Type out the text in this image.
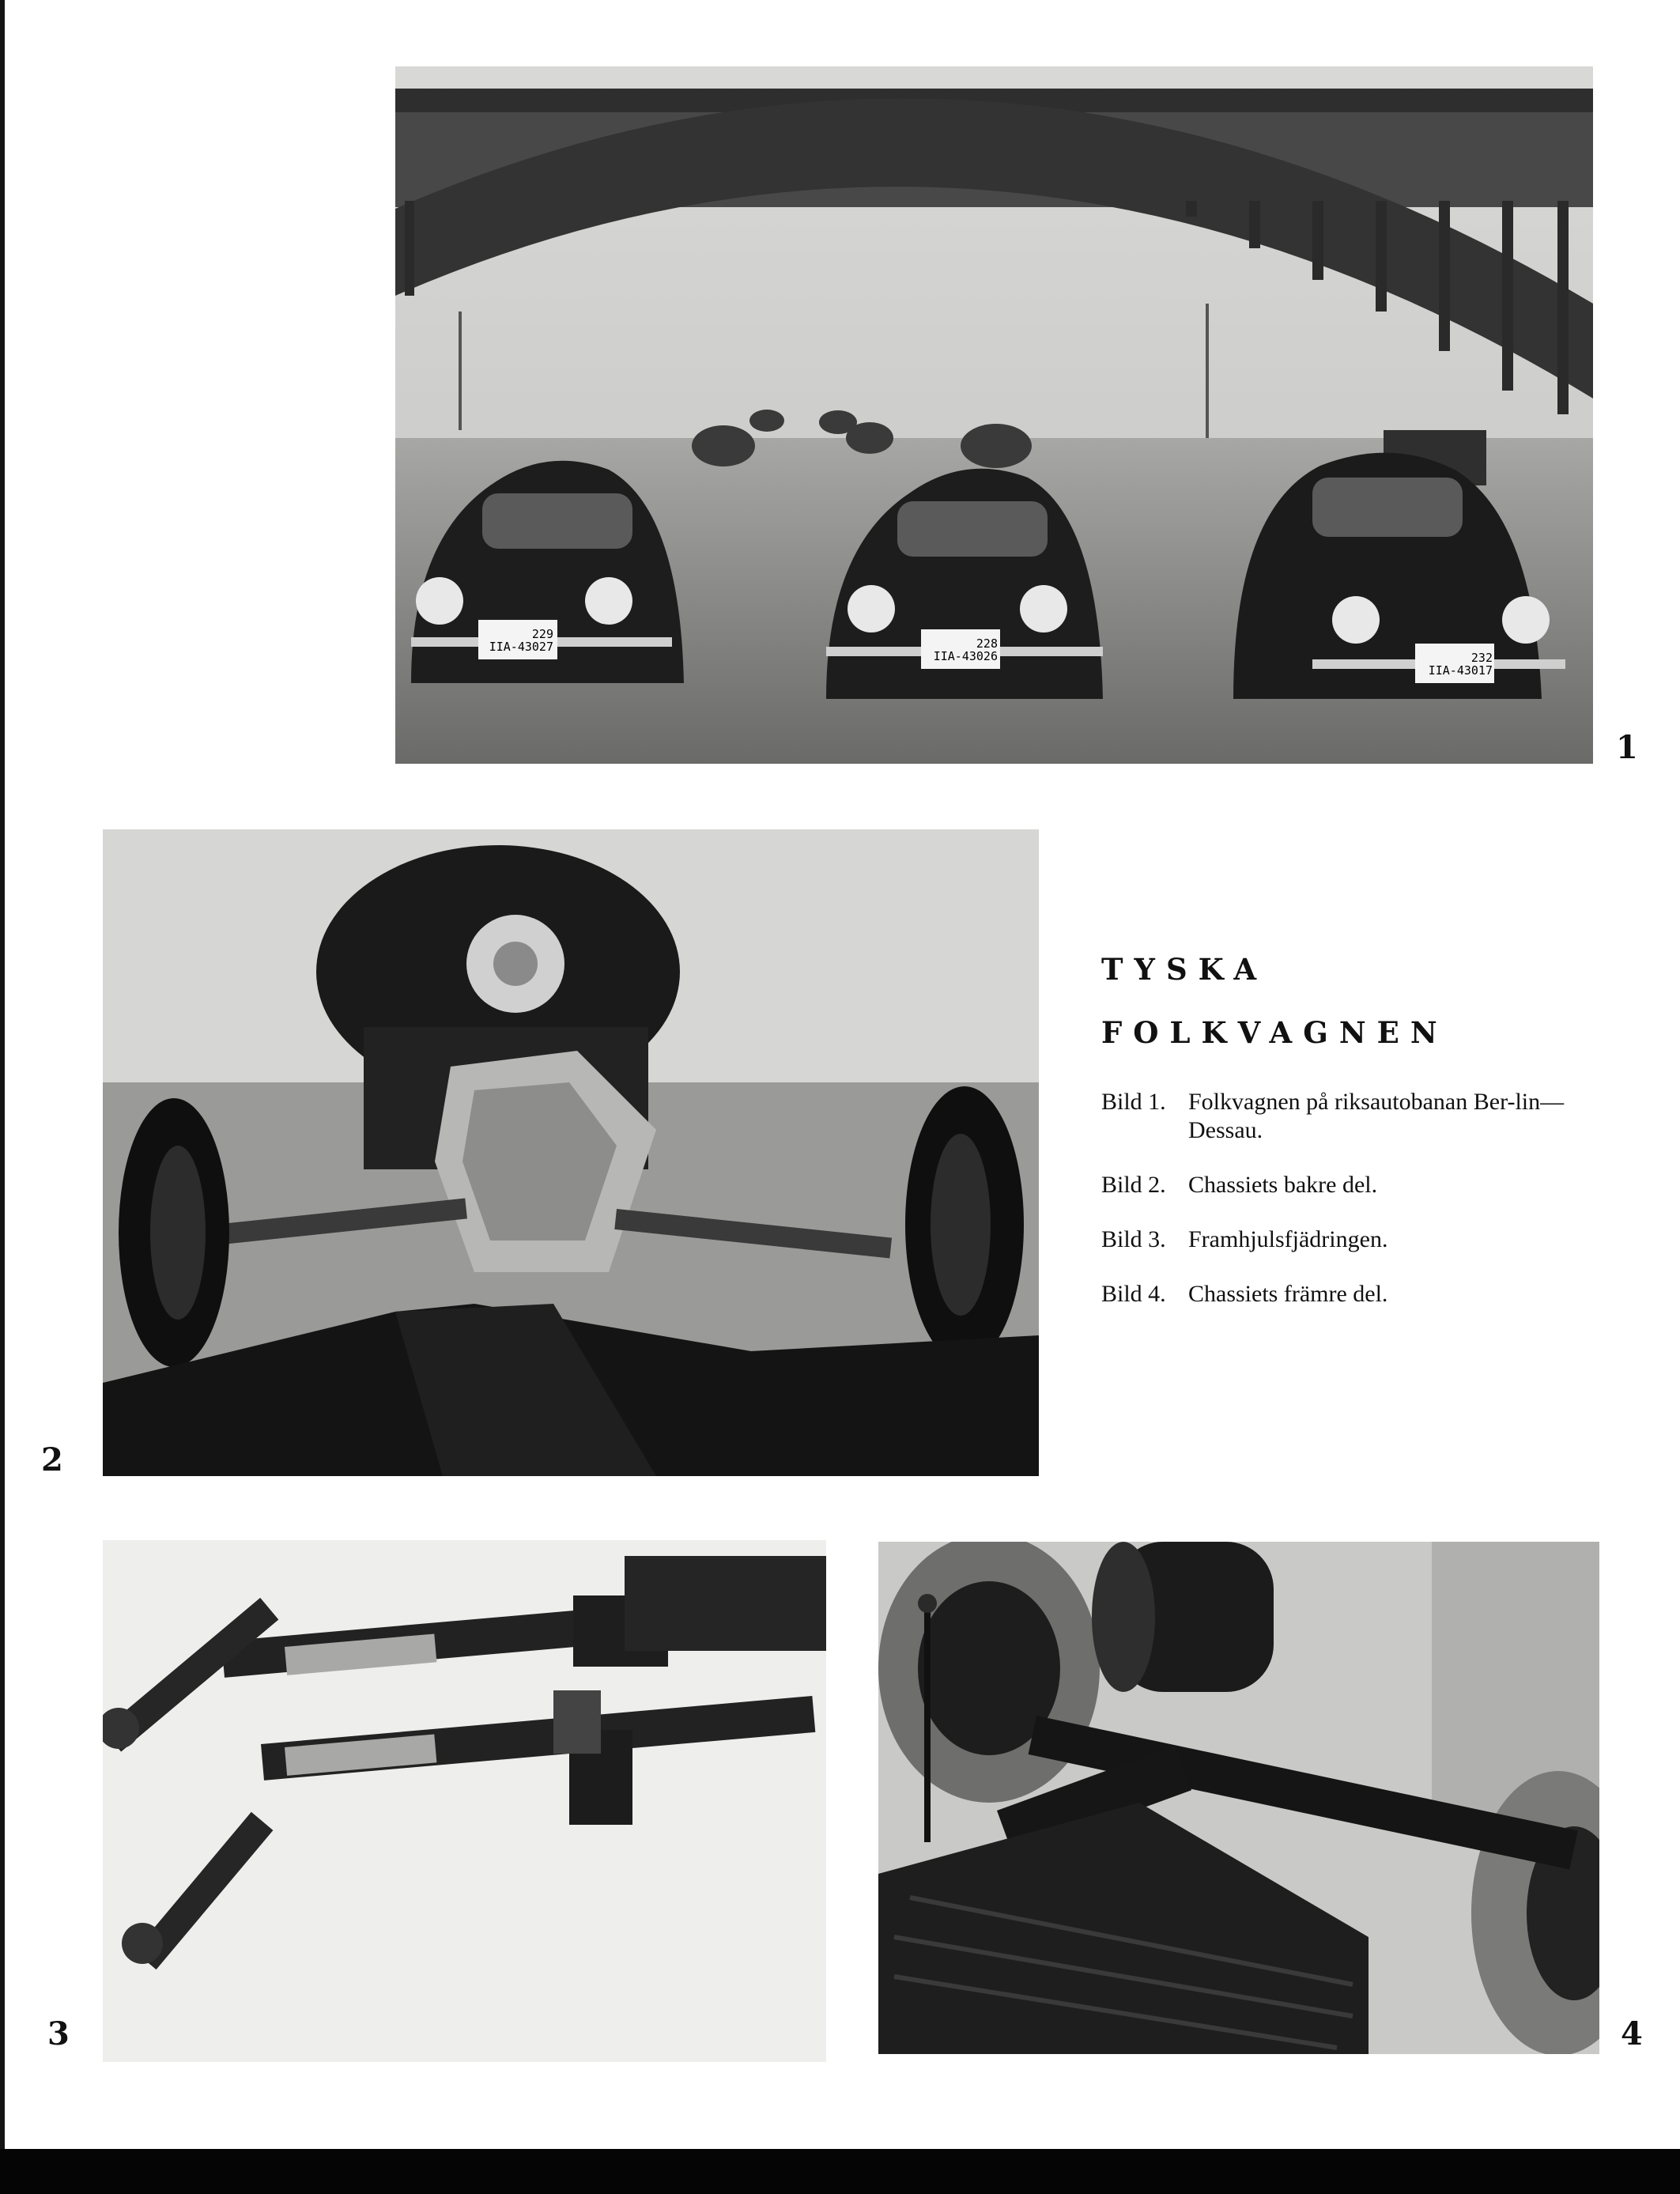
1
2
3	4
TYSKA
FOLKVAGNEN
Bild 1. Folkvagnen på riksautobanan Ber-lin—Dessau.
Bild 2. Chassiets bakre del.
Bild 3. Framhjulsfjädringen.
Bild 4. Chassiets främre del.
229
IIA-43027	228
IIA-43026	232
IIA-43017
